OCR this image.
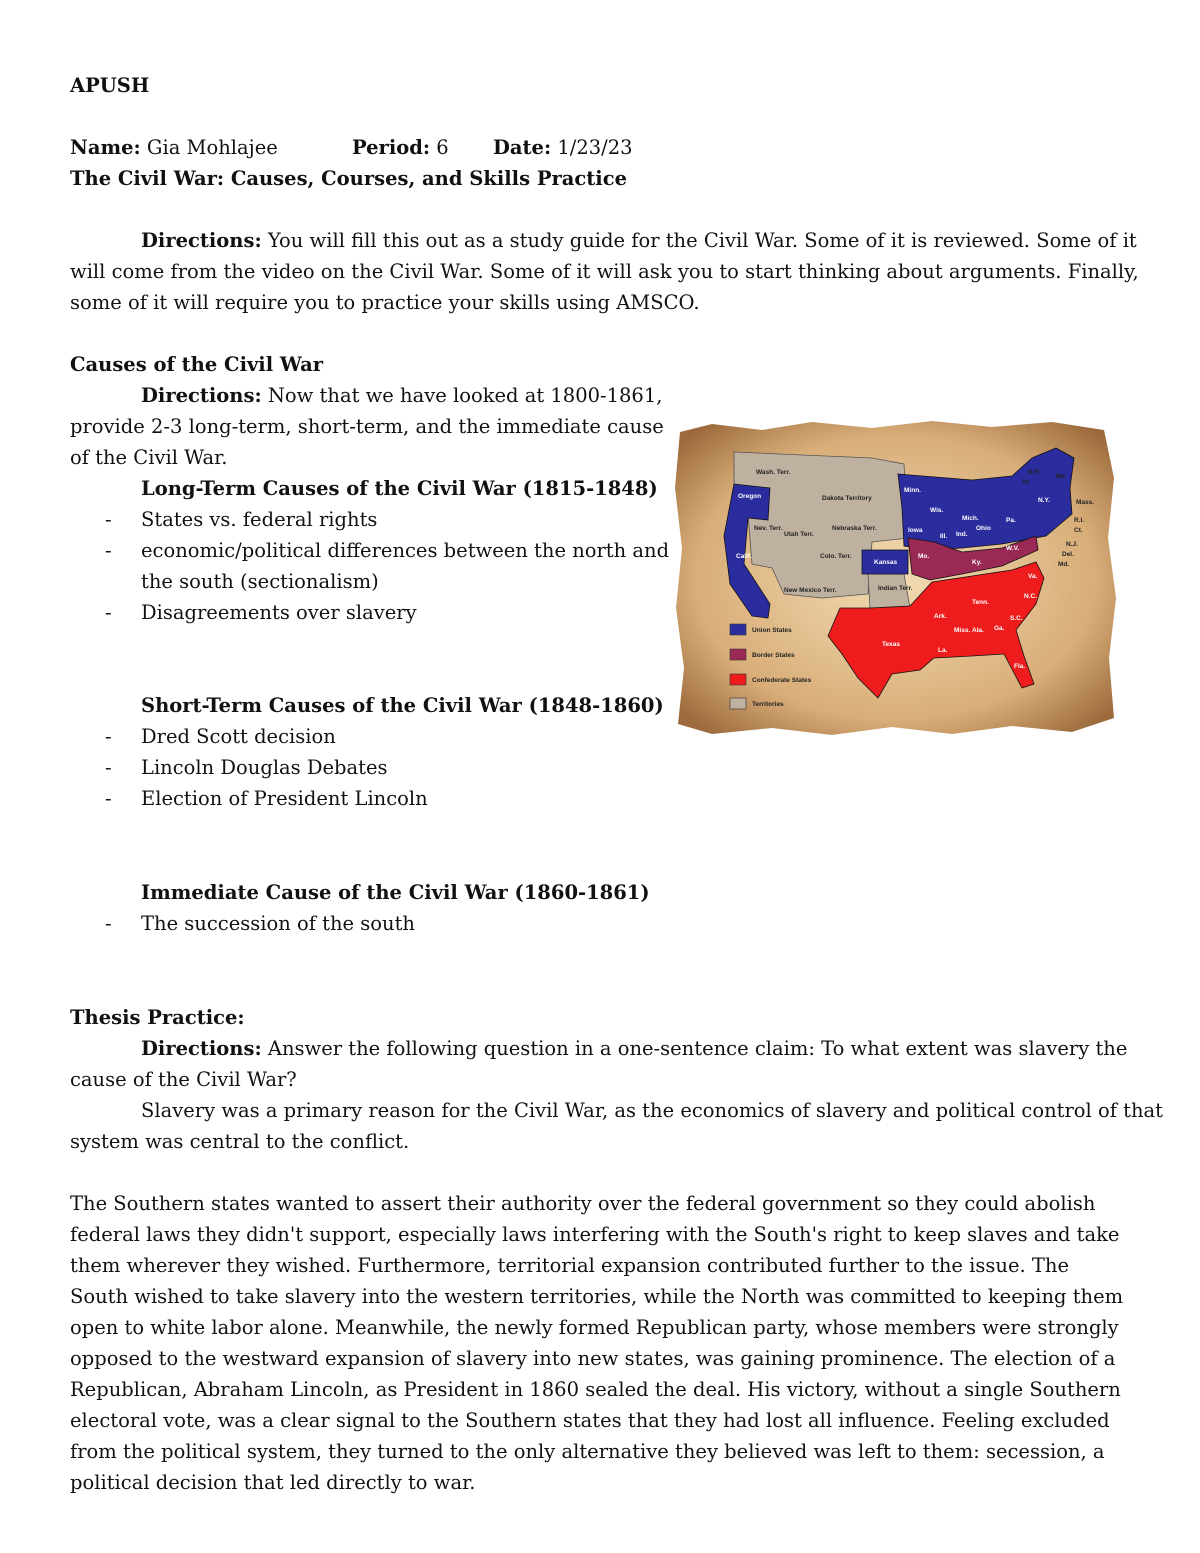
APUSH
Name: Gia Mohlajee	Period: 6 Date: 1/23/23
The Civil War: Causes, Courses, and Skills Practice
Directions: You will fill this out as a study guide for the Civil War. Some of it is reviewed. Some of it
will come from the video on the Civil War. Some of it will ask you to start thinking about arguments. Finally,
some of it will require you to practice your skills using AMSCO.
Causes of the Civil War
Directions: Now that we have looked at 1800-1861,
provide 2-3 long-term, short-term, and the immediate cause
of the Civil War.
Long-Term Causes of the Civil War (1815-1848)
- States vs. federal rights
- economic/political differences between the north and
the south (sectionalism)
- Disagreements over slavery
Short-Term Causes of the Civil War (1848-1860)
- Dred Scott decision
- Lincoln Douglas Debates
- Election of President Lincoln
Immediate Cause of the Civil War (1860-1861)
- The succession of the south
Wash. Terr.
Oregon	Dakota Territory
Nev. Terr.
Utah Terr.
Nebraska Terr.
Colo. Terr.
Calif.
New Mexico Terr.
Kansas
Indian Terr.
Minn.
Wis.
Mich.
Iowa
Ill. Ind.
Ohio
Pa.
N.Y.
Mo.
Ky.
W.V.
Va.
N.C.
S.C.
Tenn.
Ark.
Miss. Ala. Ga.
La.
Texas
Fla.
N.H.
Vt.
Me.
Mass.
R.I.
Ct.
N.J.
Del.
Md.
Union States
Border States
Confederate States
Territories
Thesis Practice:
Directions: Answer the following question in a one-sentence claim: To what extent was slavery the
cause of the Civil War?
Slavery was a primary reason for the Civil War, as the economics of slavery and political control of that
system was central to the conflict.
The Southern states wanted to assert their authority over the federal government so they could abolish federal laws they didn't support, especially laws interfering with the South's right to keep slaves and take them wherever they wished. Furthermore, territorial expansion contributed further to the issue. The South wished to take slavery into the western territories, while the North was committed to keeping them open to white labor alone. Meanwhile, the newly formed Republican party, whose members were strongly opposed to the westward expansion of slavery into new states, was gaining prominence. The election of a Republican, Abraham Lincoln, as President in 1860 sealed the deal. His victory, without a single Southern electoral vote, was a clear signal to the Southern states that they had lost all influence. Feeling excluded from the political system, they turned to the only alternative they believed was left to them: secession, a political decision that led directly to war.
